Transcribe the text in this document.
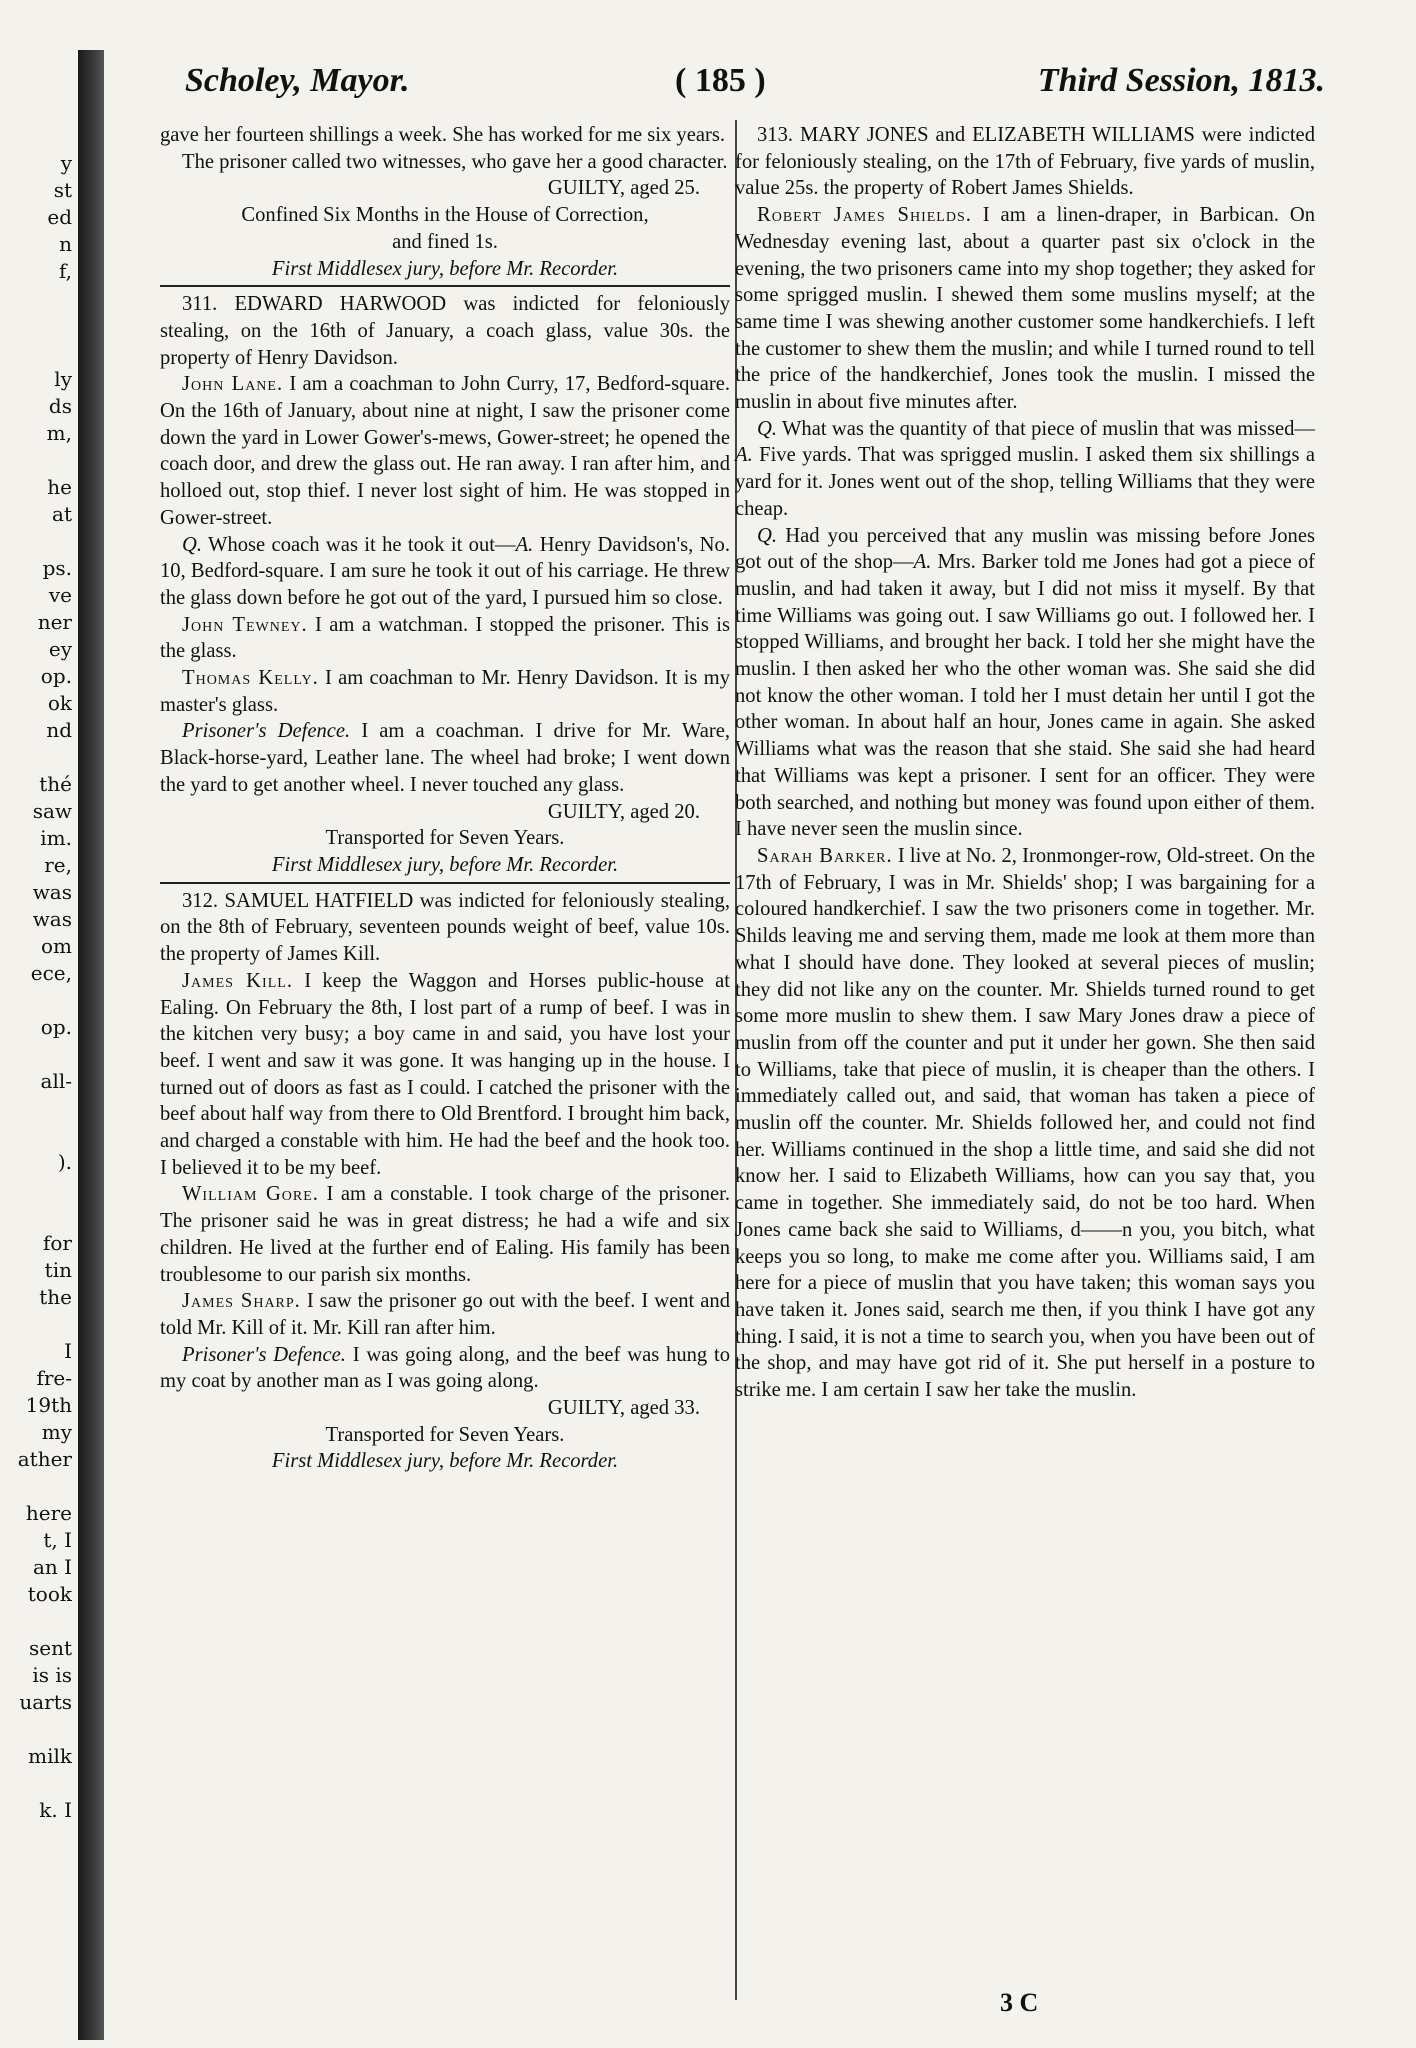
y
st
ed
n
f,
ly
ds
m,
he
at
ps.
ve
ner
ey
op.
ok
nd
thé
saw
im.
re,
was
was
om
ece,
op.
all-
).
for
tin
the
I
fre-
19th
my
ather
here
t, I
an I
took
sent
is is
uarts
milk
k. I
Scholey, Mayor.	( 185 )	Third Session, 1813.

gave her fourteen shillings a week. She has worked for me six years.

The prisoner called two witnesses, who gave her a good character.

GUILTY, aged 25.

Confined Six Months in the House of Correction,

and fined 1s.

First Middlesex jury, before Mr. Recorder.

311. EDWARD HARWOOD was indicted for feloniously stealing, on the 16th of January, a coach glass, value 30s. the property of Henry Davidson.

John Lane. I am a coachman to John Curry, 17, Bedford-square. On the 16th of January, about nine at night, I saw the prisoner come down the yard in Lower Gower's-mews, Gower-street; he opened the coach door, and drew the glass out. He ran away. I ran after him, and holloed out, stop thief. I never lost sight of him. He was stopped in Gower-street.

Q. Whose coach was it he took it out—A. Henry Davidson's, No. 10, Bedford-square. I am sure he took it out of his carriage. He threw the glass down before he got out of the yard, I pursued him so close.

John Tewney. I am a watchman. I stopped the prisoner. This is the glass.

Thomas Kelly. I am coachman to Mr. Henry Davidson. It is my master's glass.

Prisoner's Defence. I am a coachman. I drive for Mr. Ware, Black-horse-yard, Leather lane. The wheel had broke; I went down the yard to get another wheel. I never touched any glass.

GUILTY, aged 20.

Transported for Seven Years.

First Middlesex jury, before Mr. Recorder.

312. SAMUEL HATFIELD was indicted for feloniously stealing, on the 8th of February, seventeen pounds weight of beef, value 10s. the property of James Kill.

James Kill. I keep the Waggon and Horses public-house at Ealing. On February the 8th, I lost part of a rump of beef. I was in the kitchen very busy; a boy came in and said, you have lost your beef. I went and saw it was gone. It was hanging up in the house. I turned out of doors as fast as I could. I catched the prisoner with the beef about half way from there to Old Brentford. I brought him back, and charged a constable with him. He had the beef and the hook too. I believed it to be my beef.

William Gore. I am a constable. I took charge of the prisoner. The prisoner said he was in great distress; he had a wife and six children. He lived at the further end of Ealing. His family has been troublesome to our parish six months.

James Sharp. I saw the prisoner go out with the beef. I went and told Mr. Kill of it. Mr. Kill ran after him.

Prisoner's Defence. I was going along, and the beef was hung to my coat by another man as I was going along.

GUILTY, aged 33.

Transported for Seven Years.

First Middlesex jury, before Mr. Recorder.

313. MARY JONES and ELIZABETH WILLIAMS were indicted for feloniously stealing, on the 17th of February, five yards of muslin, value 25s. the property of Robert James Shields.

Robert James Shields. I am a linen-draper, in Barbican. On Wednesday evening last, about a quarter past six o'clock in the evening, the two prisoners came into my shop together; they asked for some sprigged muslin. I shewed them some muslins myself; at the same time I was shewing another customer some handkerchiefs. I left the customer to shew them the muslin; and while I turned round to tell the price of the handkerchief, Jones took the muslin. I missed the muslin in about five minutes after.

Q. What was the quantity of that piece of muslin that was missed—A. Five yards. That was sprigged muslin. I asked them six shillings a yard for it. Jones went out of the shop, telling Williams that they were cheap.

Q. Had you perceived that any muslin was missing before Jones got out of the shop—A. Mrs. Barker told me Jones had got a piece of muslin, and had taken it away, but I did not miss it myself. By that time Williams was going out. I saw Williams go out. I followed her. I stopped Williams, and brought her back. I told her she might have the muslin. I then asked her who the other woman was. She said she did not know the other woman. I told her I must detain her until I got the other woman. In about half an hour, Jones came in again. She asked Williams what was the reason that she staid. She said she had heard that Williams was kept a prisoner. I sent for an officer. They were both searched, and nothing but money was found upon either of them. I have never seen the muslin since.

Sarah Barker. I live at No. 2, Ironmonger-row, Old-street. On the 17th of February, I was in Mr. Shields' shop; I was bargaining for a coloured handkerchief. I saw the two prisoners come in together. Mr. Shilds leaving me and serving them, made me look at them more than what I should have done. They looked at several pieces of muslin; they did not like any on the counter. Mr. Shields turned round to get some more muslin to shew them. I saw Mary Jones draw a piece of muslin from off the counter and put it under her gown. She then said to Williams, take that piece of muslin, it is cheaper than the others. I immediately called out, and said, that woman has taken a piece of muslin off the counter. Mr. Shields followed her, and could not find her. Williams continued in the shop a little time, and said she did not know her. I said to Elizabeth Williams, how can you say that, you came in together. She immediately said, do not be too hard. When Jones came back she said to Williams, d——n you, you bitch, what keeps you so long, to make me come after you. Williams said, I am here for a piece of muslin that you have taken; this woman says you have taken it. Jones said, search me then, if you think I have got any thing. I said, it is not a time to search you, when you have been out of the shop, and may have got rid of it. She put herself in a posture to strike me. I am certain I saw her take the muslin.

3 C
